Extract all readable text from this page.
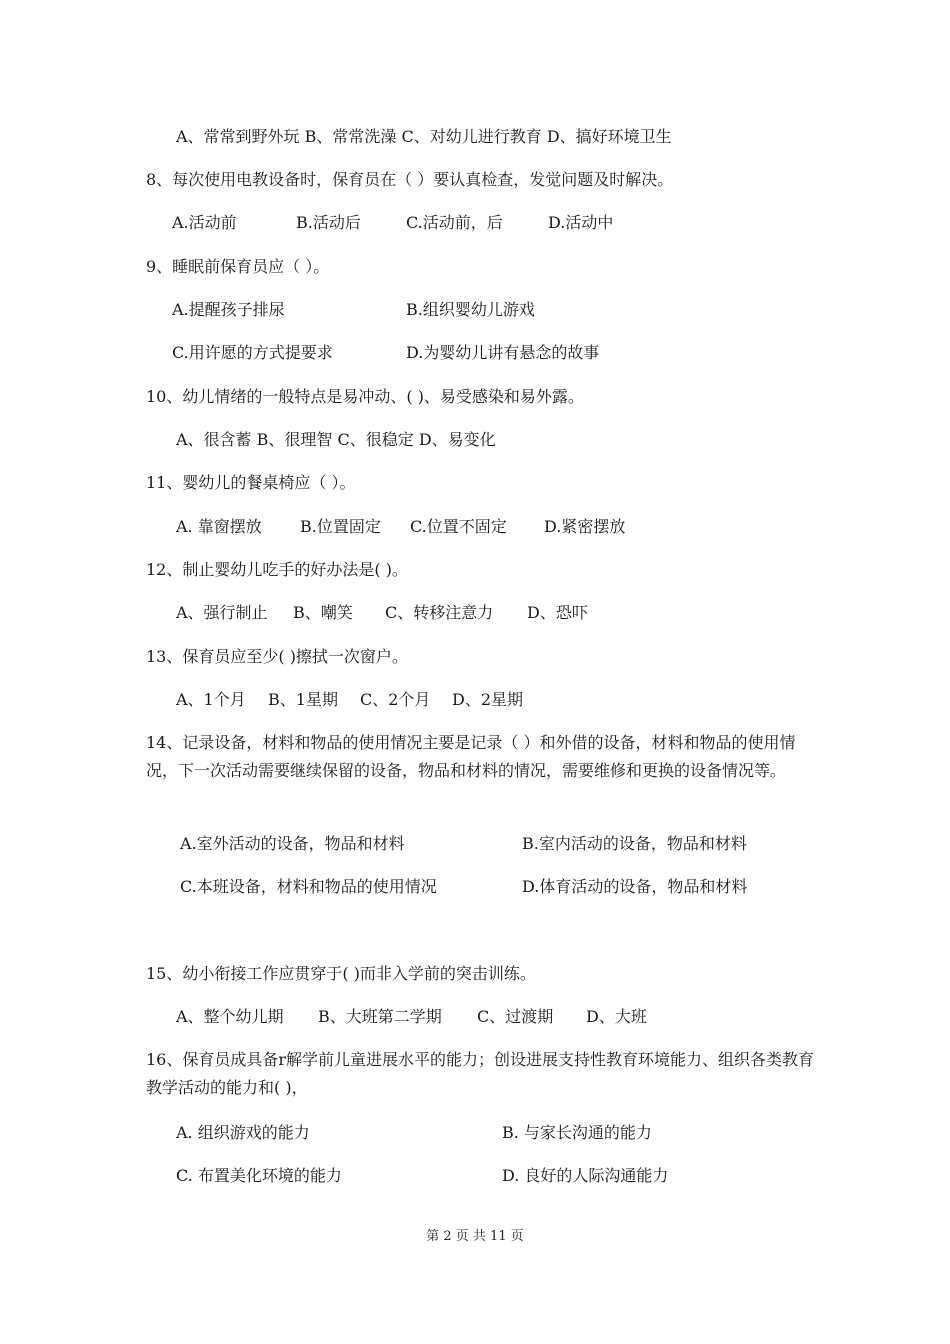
A、常常到野外玩 B、常常洗澡 C、对幼儿进行教育 D、搞好环境卫生
8、每次使用电教设备时，保育员在（ ）要认真检查，发觉问题及时解决。
A.活动前	B.活动后	C.活动前，后	D.活动中
9、睡眠前保育员应（ ）。
A.提醒孩子排尿	B.组织婴幼儿游戏
C.用许愿的方式提要求	D.为婴幼儿讲有悬念的故事
10、幼儿情绪的一般特点是易冲动、( )、易受感染和易外露。
A、很含蓄 B、很理智 C、很稳定 D、易变化
11、婴幼儿的餐桌椅应（ ）。
A. 靠窗摆放 B.位置固定 C.位置不固定 D.紧密摆放
12、制止婴幼儿吃手的好办法是( )。
A、强行制止 B、嘲笑 C、转移注意力 D、恐吓
13、保育员应至少( )擦拭一次窗户。
A、1个月 B、1星期 C、2个月 D、2星期
14、记录设备，材料和物品的使用情况主要是记录（ ）和外借的设备，材料和物品的使用情况，下一次活动需要继续保留的设备，物品和材料的情况，需要维修和更换的设备情况等。
A.室外活动的设备，物品和材料	B.室内活动的设备，物品和材料
C.本班设备，材料和物品的使用情况	D.体育活动的设备，物品和材料
15、幼小衔接工作应贯穿于( )而非入学前的突击训练。
A、整个幼儿期 B、大班第二学期 C、过渡期 D、大班
16、保育员成具备r解学前儿童进展水平的能力；创设进展支持性教育环境能力、组织各类教育教学活动的能力和( )，
A. 组织游戏的能力	B. 与家长沟通的能力
C. 布置美化环境的能力	D. 良好的人际沟通能力
第 2 页 共 11 页
